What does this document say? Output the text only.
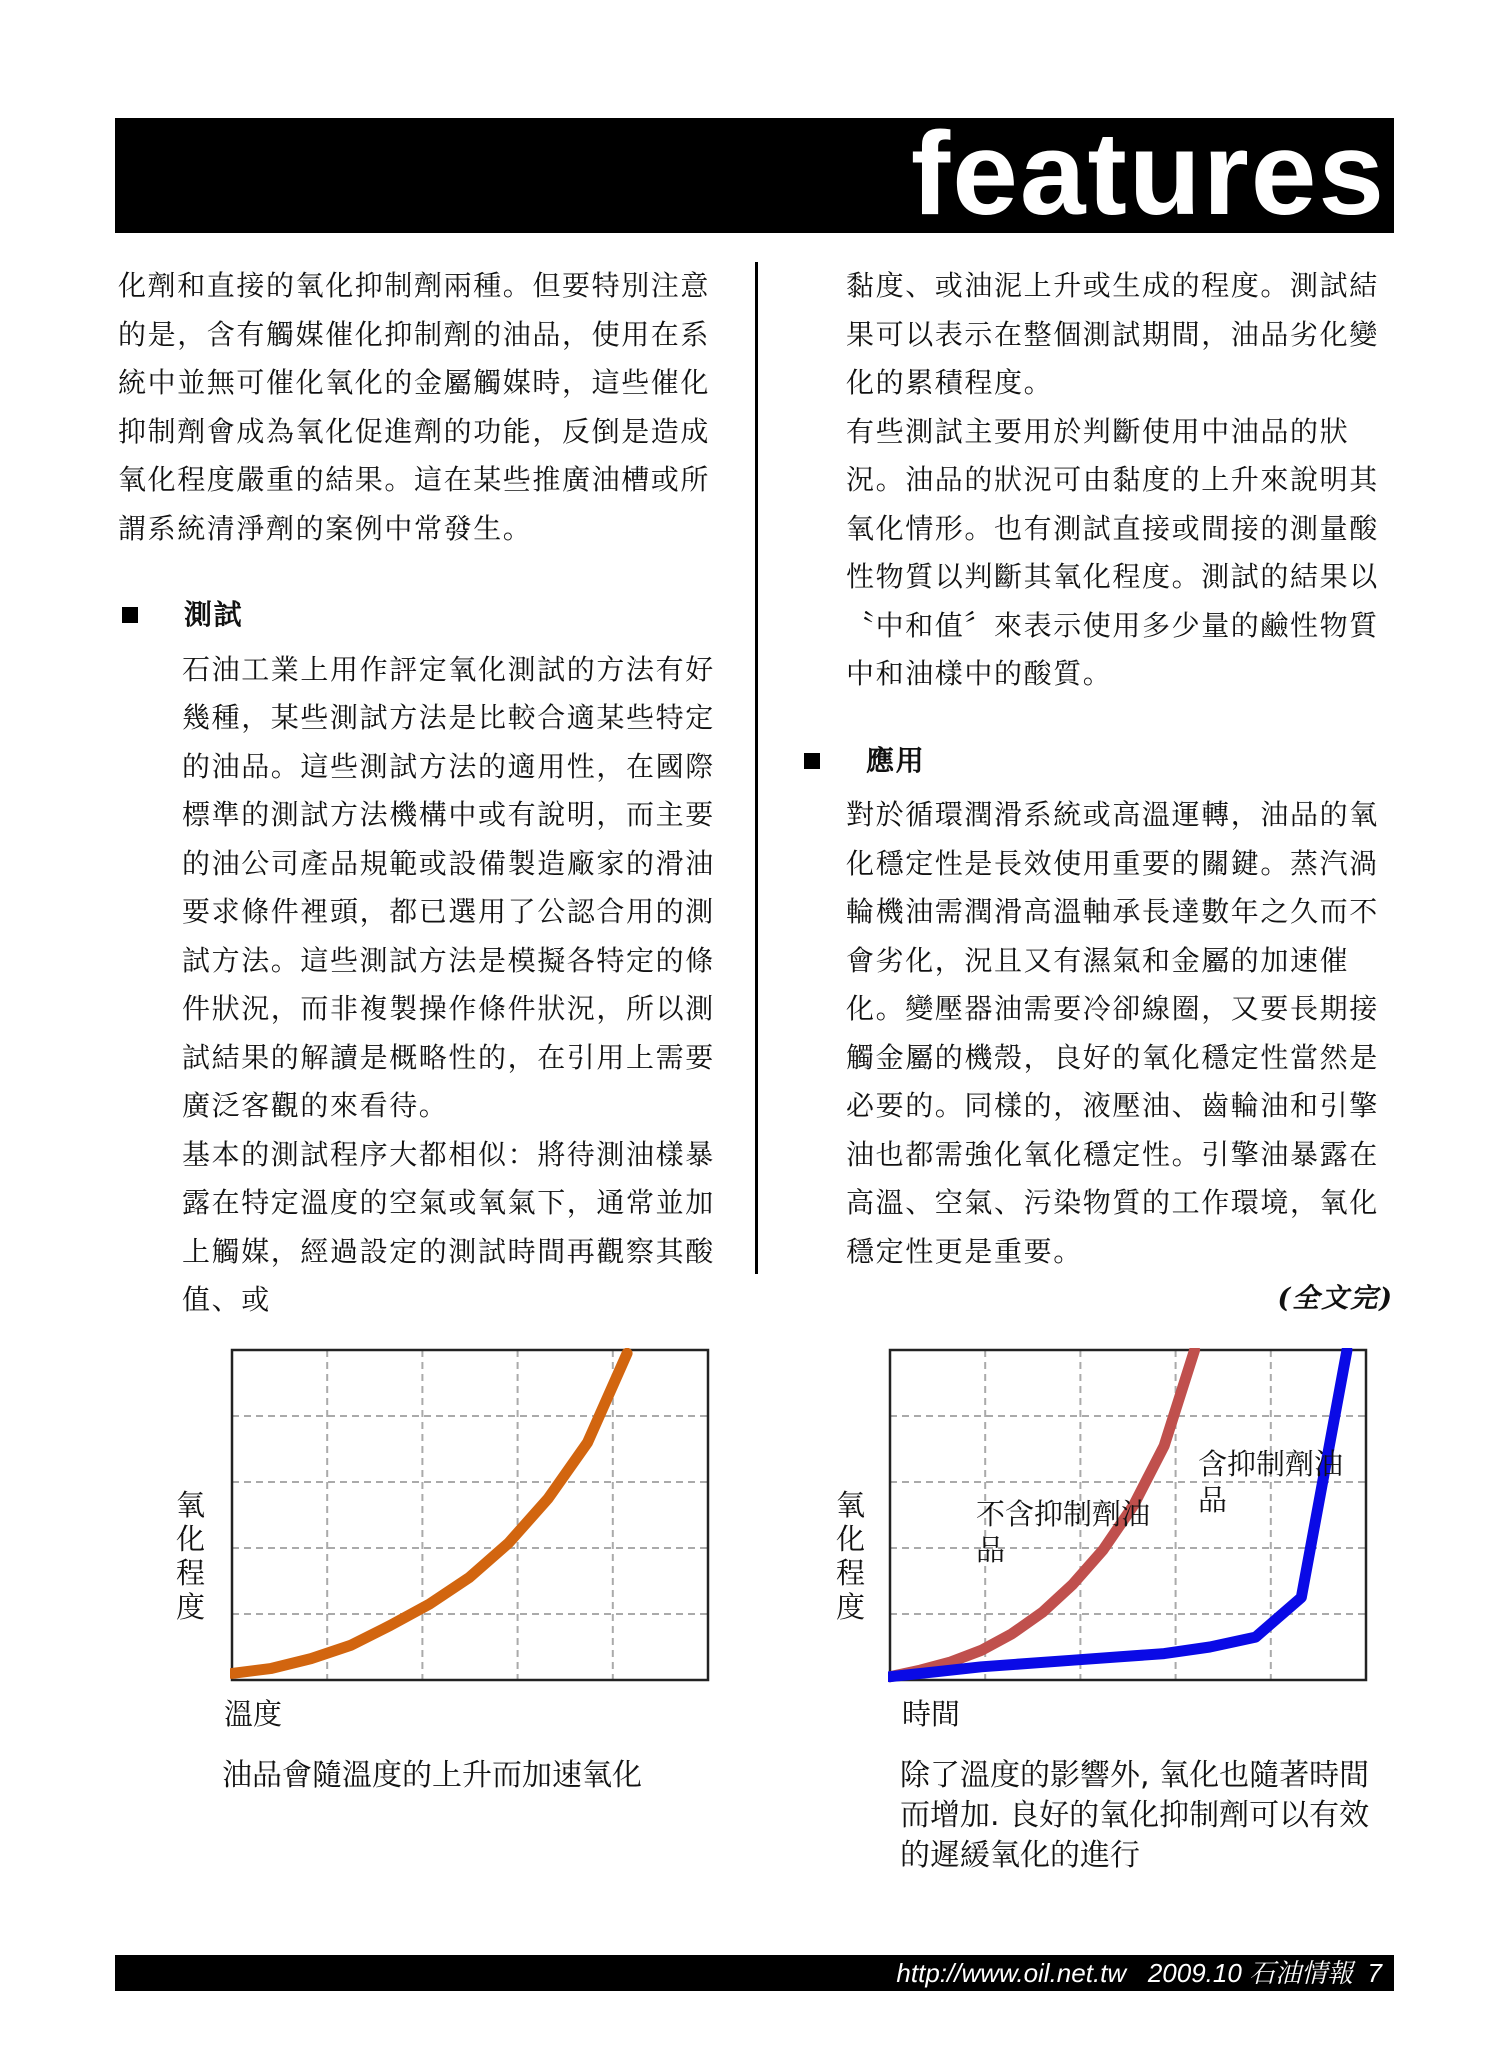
features

化劑和直接的氧化抑制劑兩種。但要特別注意的是，含有觸媒催化抑制劑的油品，使用在系統中並無可催化氧化的金屬觸媒時，這些催化抑制劑會成為氧化促進劑的功能，反倒是造成氧化程度嚴重的結果。這在某些推廣油槽或所謂系統清淨劑的案例中常發生。

測試

石油工業上用作評定氧化測試的方法有好幾種，某些測試方法是比較合適某些特定的油品。這些測試方法的適用性，在國際標準的測試方法機構中或有說明，而主要的油公司產品規範或設備製造廠家的滑油要求條件裡頭，都已選用了公認合用的測試方法。這些測試方法是模擬各特定的條件狀況，而非複製操作條件狀況，所以測試結果的解讀是概略性的，在引用上需要廣泛客觀的來看待。

基本的測試程序大都相似：將待測油樣暴露在特定溫度的空氣或氧氣下，通常並加上觸媒，經過設定的測試時間再觀察其酸值、或

黏度、或油泥上升或生成的程度。測試結果可以表示在整個測試期間，油品劣化變化的累積程度。

有些測試主要用於判斷使用中油品的狀況。油品的狀況可由黏度的上升來說明其氧化情形。也有測試直接或間接的測量酸性物質以判斷其氧化程度。測試的結果以〝中和值〞來表示使用多少量的鹼性物質中和油樣中的酸質。

應用

對於循環潤滑系統或高溫運轉，油品的氧化穩定性是長效使用重要的關鍵。蒸汽渦輪機油需潤滑高溫軸承長達數年之久而不會劣化，況且又有濕氣和金屬的加速催化。變壓器油需要冷卻線圈，又要長期接觸金屬的機殼，良好的氧化穩定性當然是必要的。同樣的，液壓油、齒輪油和引擎油也都需強化氧化穩定性。引擎油暴露在高溫、空氣、污染物質的工作環境，氧化穩定性更是重要。

(全文完)
氧化程度
溫度
油品會隨溫度的上升而加速氧化
氧化程度
時間
不含抑制劑油品
含抑制劑油品
除了溫度的影響外, 氧化也隨著時間而增加. 良好的氧化抑制劑可以有效的遲緩氧化的進行
http://www.oil.net.tw 2009.10 石油情報 7
